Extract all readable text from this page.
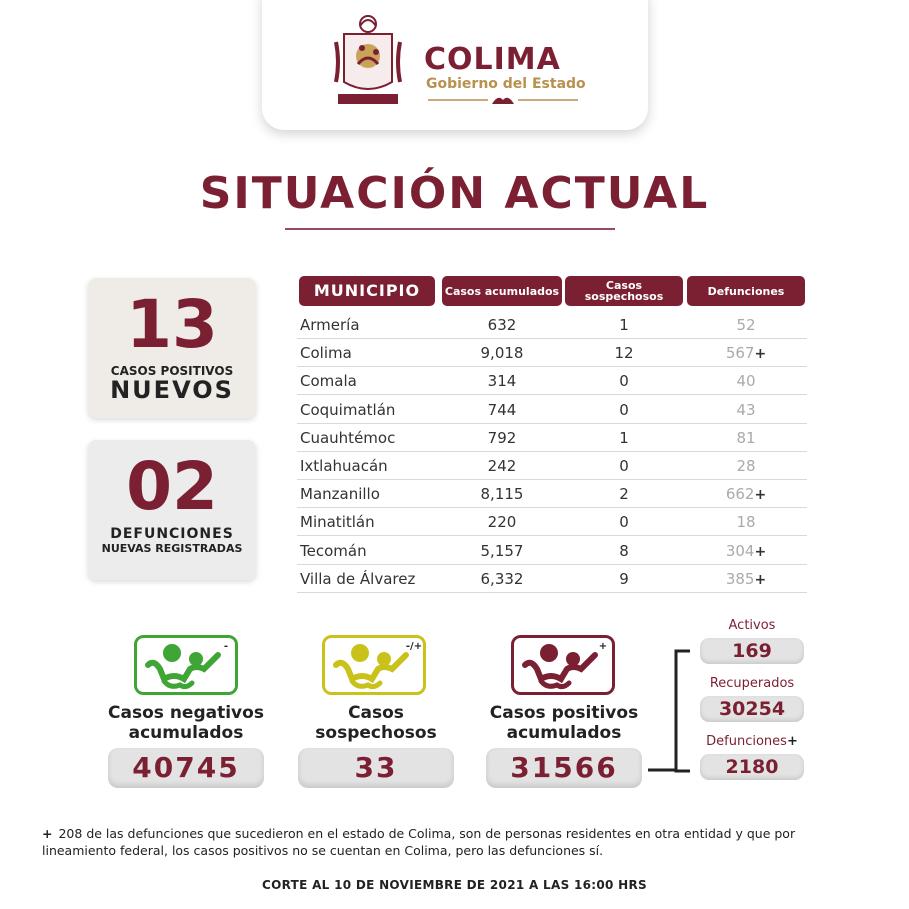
COLIMA
Gobierno del Estado
SITUACIÓN ACTUAL
13
CASOS POSITIVOS
NUEVOS
02
DEFUNCIONES
NUEVAS REGISTRADAS
MUNICIPIO	Casos acumulados	Casos sospechosos	Defunciones
Armería	632	1	52
Colima	9,018	12	567+
Comala	314	0	40
Coquimatlán	744	0	43
Cuauhtémoc	792	1	81
Ixtlahuacán	242	0	28
Manzanillo	8,115	2	662+
Minatitlán	220	0	18
Tecomán	5,157	8	304+
Villa de Álvarez	6,332	9	385+
-	-/+	+
Casos negativos
acumulados
Casos
sospechosos
Casos positivos
acumulados
40745	33	31566
Activos
169
Recuperados
30254
Defunciones+
2180
+ 208 de las defunciones que sucedieron en el estado de Colima, son de personas residentes en otra entidad y que por lineamiento federal, los casos positivos no se cuentan en Colima, pero las defunciones sí.
CORTE AL 10 DE NOVIEMBRE DE 2021 A LAS 16:00 HRS
